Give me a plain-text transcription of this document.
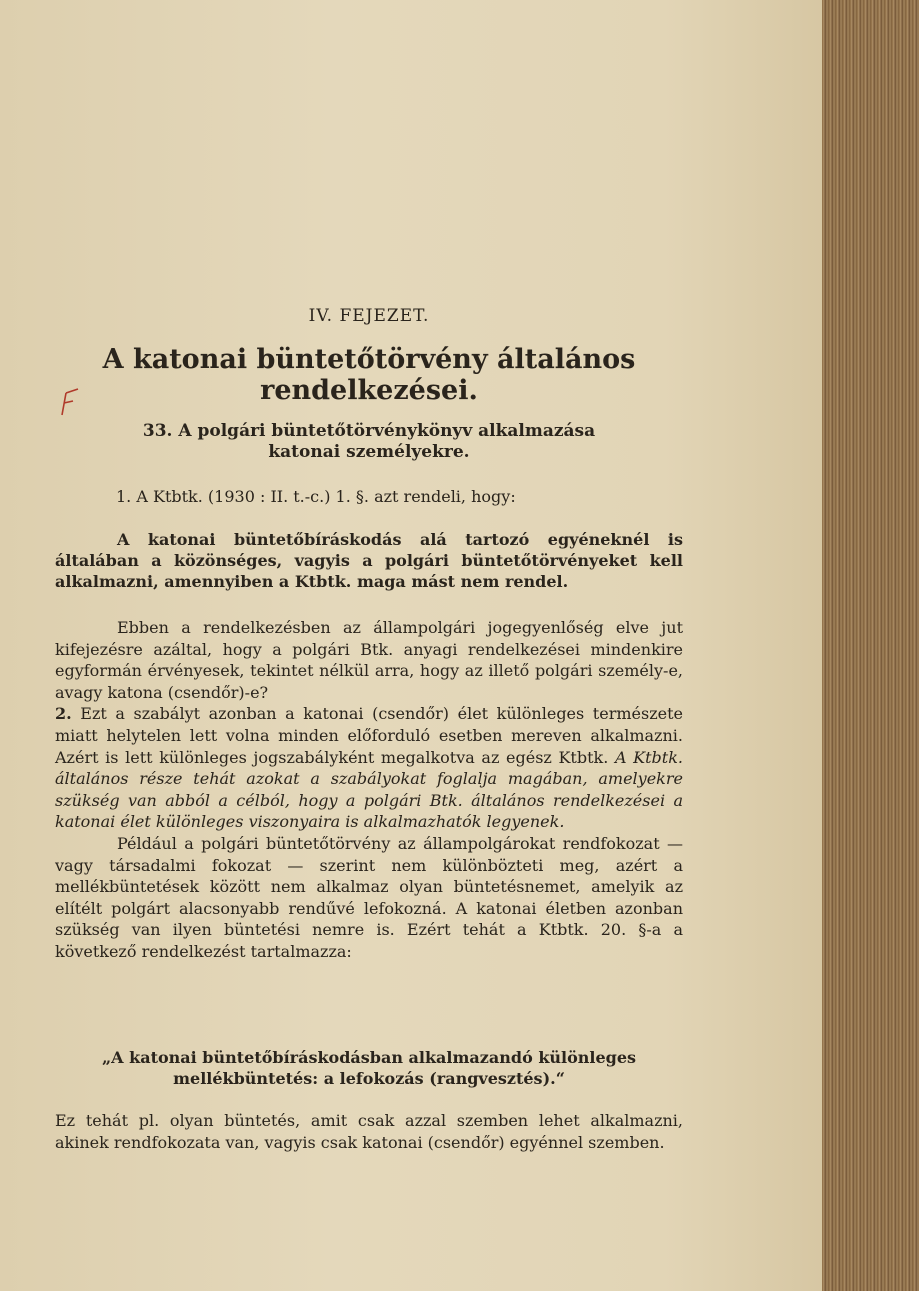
IV. FEJEZET.
A katonai büntetőtörvény általános
rendelkezései.
33. A polgári büntetőtörvénykönyv alkalmazása
katonai személyekre.
1. A Ktbtk. (1930 : II. t.-c.) 1. §. azt rendeli, hogy:
A katonai büntetőbíráskodás alá tartozó egyéneknél is általában a közönséges, vagyis a polgári büntetőtörvényeket kell alkalmazni, amennyiben a Ktbtk. maga mást nem rendel.

Ebben a rendelkezésben az állampolgári jogegyenlőség elve jut kifejezésre azáltal, hogy a polgári Btk. anyagi rendelkezései mindenkire egyformán érvényesek, tekintet nélkül arra, hogy az illető polgári személy-e, avagy katona (csendőr)-e?

2. Ezt a szabályt azonban a katonai (csendőr) élet különleges természete miatt helytelen lett volna minden előforduló esetben mereven alkalmazni. Azért is lett különleges jogszabályként megalkotva az egész Ktbtk. A Ktbtk. általános része tehát azokat a szabályokat foglalja magában, amelyekre szükség van abból a célból, hogy a polgári Btk. általános rendelkezései a katonai élet különleges viszonyaira is alkalmazhatók legyenek.

Például a polgári büntetőtörvény az állampolgárokat rendfokozat — vagy társadalmi fokozat — szerint nem különbözteti meg, azért a mellékbüntetések között nem alkalmaz olyan büntetésnemet, amelyik az elítélt polgárt alacsonyabb rendűvé lefokozná. A katonai életben azonban szükség van ilyen büntetési nemre is. Ezért tehát a Ktbtk. 20. §-a a következő rendelkezést tartalmazza:

„A katonai büntetőbíráskodásban alkalmazandó különleges
mellékbüntetés: a lefokozás (rangvesztés).“
Ez tehát pl. olyan büntetés, amit csak azzal szemben lehet alkalmazni, akinek rendfokozata van, vagyis csak katonai (csendőr) egyénnel szemben.
